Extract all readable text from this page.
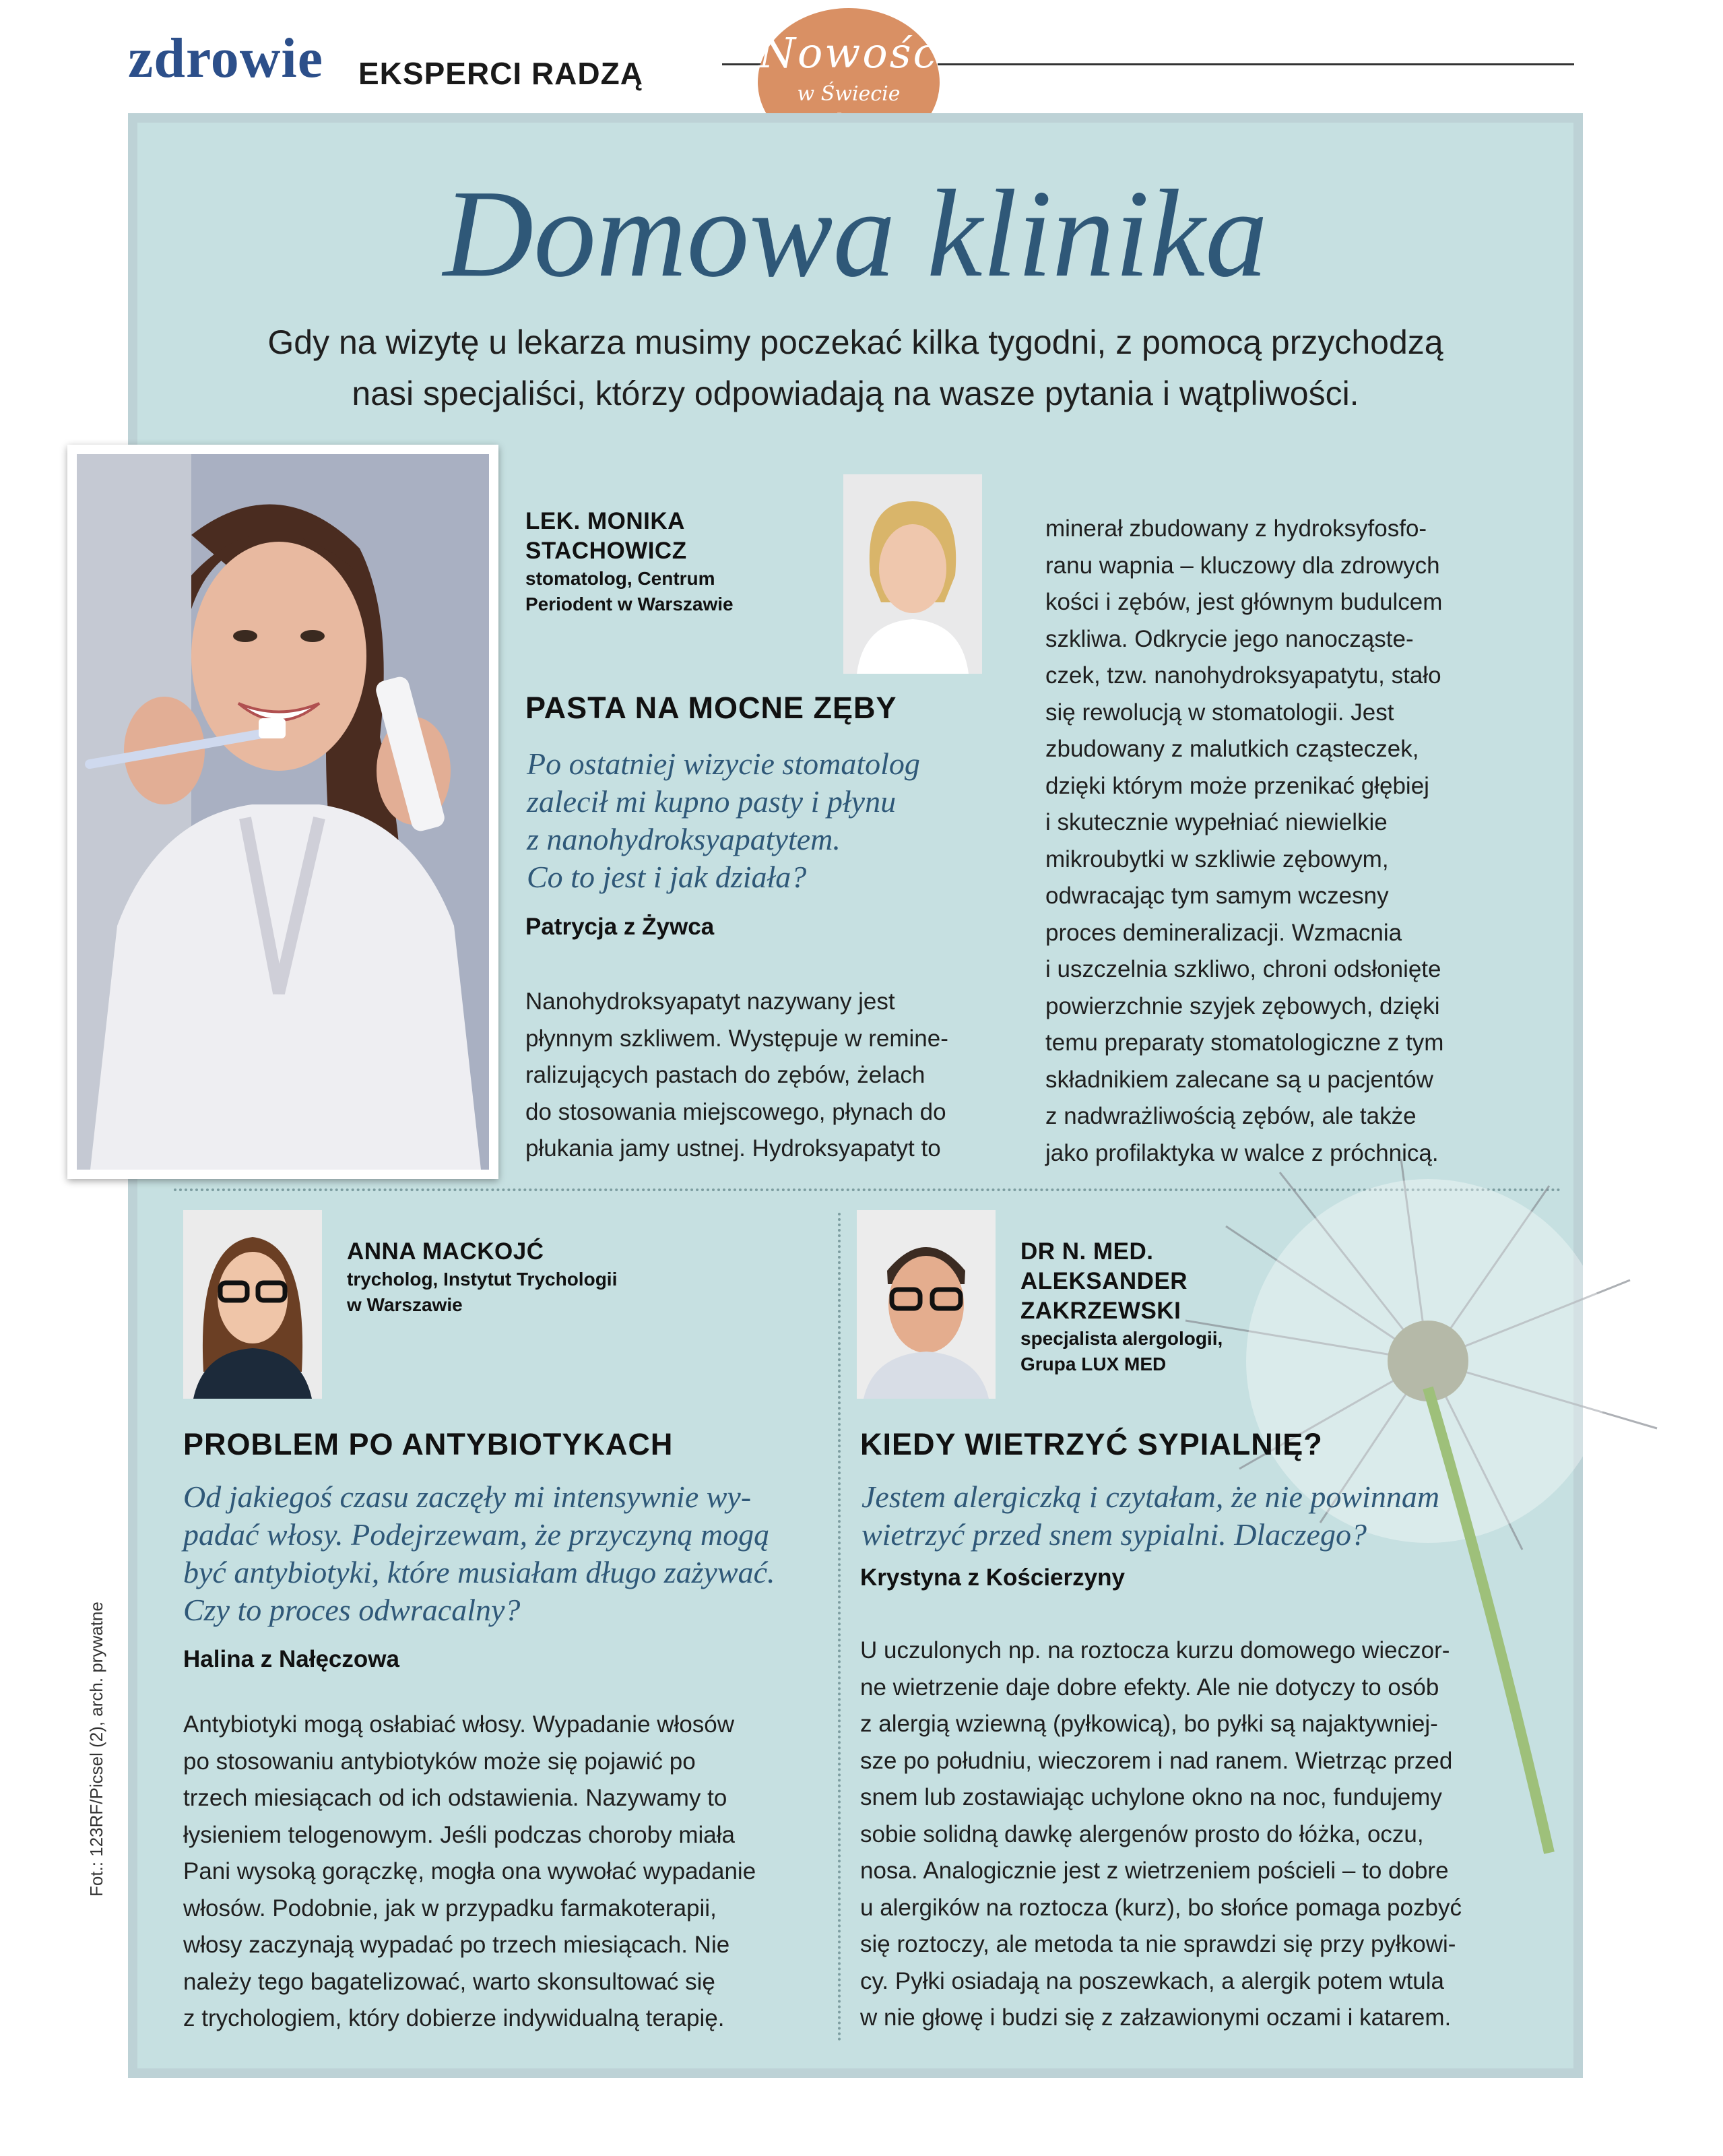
zdrowie EKSPERCI RADZĄ	Nowość
w Świecie
Domowa klinika
Gdy na wizytę u lekarza musimy poczekać kilka tygodni, z pomocą przychodzą
nasi specjaliści, którzy odpowiadają na wasze pytania i wątpliwości.
LEK. MONIKA
STACHOWICZ
stomatolog, Centrum
Periodent w Warszawie
PASTA NA MOCNE ZĘBY
Po ostatniej wizycie stomatolog
zalecił mi kupno pasty i płynu
z nanohydroksyapatytem.
Co to jest i jak działa?
Patrycja z Żywca
Nanohydroksyapatyt nazywany jest
płynnym szkliwem. Występuje w remine-
ralizujących pastach do zębów, żelach
do stosowania miejscowego, płynach do
płukania jamy ustnej. Hydroksyapatyt to
minerał zbudowany z hydroksyfosfo-
ranu wapnia – kluczowy dla zdrowych
kości i zębów, jest głównym budulcem
szkliwa. Odkrycie jego nanocząste-
czek, tzw. nanohydroksyapatytu, stało
się rewolucją w stomatologii. Jest
zbudowany z malutkich cząsteczek,
dzięki którym może przenikać głębiej
i skutecznie wypełniać niewielkie
mikroubytki w szkliwie zębowym,
odwracając tym samym wczesny
proces demineralizacji. Wzmacnia
i uszczelnia szkliwo, chroni odsłonięte
powierzchnie szyjek zębowych, dzięki
temu preparaty stomatologiczne z tym
składnikiem zalecane są u pacjentów
z nadwrażliwością zębów, ale także
jako profilaktyka w walce z próchnicą.
ANNA MACKOJĆ
trycholog, Instytut Trychologii
w Warszawie
PROBLEM PO ANTYBIOTYKACH
Od jakiegoś czasu zaczęły mi intensywnie wy-
padać włosy. Podejrzewam, że przyczyną mogą
być antybiotyki, które musiałam długo zażywać.
Czy to proces odwracalny?
Halina z Nałęczowa
Antybiotyki mogą osłabiać włosy. Wypadanie włosów
po stosowaniu antybiotyków może się pojawić po
trzech miesiącach od ich odstawienia. Nazywamy to
łysieniem telogenowym. Jeśli podczas choroby miała
Pani wysoką gorączkę, mogła ona wywołać wypadanie
włosów. Podobnie, jak w przypadku farmakoterapii,
włosy zaczynają wypadać po trzech miesiącach. Nie
należy tego bagatelizować, warto skonsultować się
z trychologiem, który dobierze indywidualną terapię.
DR N. MED.
ALEKSANDER
ZAKRZEWSKI
specjalista alergologii,
Grupa LUX MED
KIEDY WIETRZYĆ SYPIALNIĘ?
Jestem alergiczką i czytałam, że nie powinnam
wietrzyć przed snem sypialni. Dlaczego?
Krystyna z Kościerzyny
U uczulonych np. na roztocza kurzu domowego wieczor-
ne wietrzenie daje dobre efekty. Ale nie dotyczy to osób
z alergią wziewną (pyłkowicą), bo pyłki są najaktywniej-
sze po południu, wieczorem i nad ranem. Wietrząc przed
snem lub zostawiając uchylone okno na noc, fundujemy
sobie solidną dawkę alergenów prosto do łóżka, oczu,
nosa. Analogicznie jest z wietrzeniem pościeli – to dobre
u alergików na roztocza (kurz), bo słońce pomaga pozbyć
się roztoczy, ale metoda ta nie sprawdzi się przy pyłkowi-
cy. Pyłki osiadają na poszewkach, a alergik potem wtula
w nie głowę i budzi się z załzawionymi oczami i katarem.
Fot.: 123RF/Picsel (2), arch. prywatne
